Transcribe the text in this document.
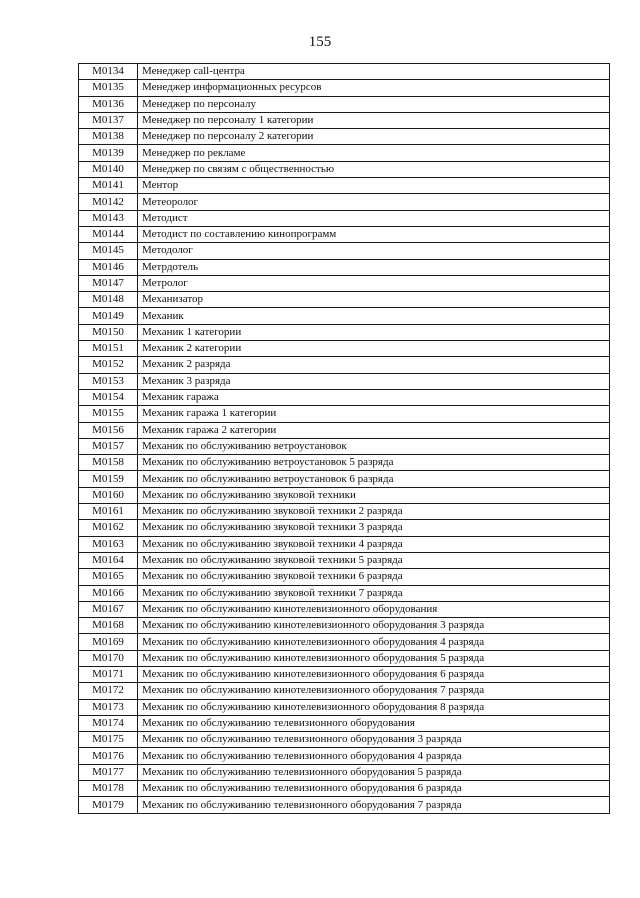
155
M0134	Менеджер call-центра
M0135	Менеджер информационных ресурсов
M0136	Менеджер по персоналу
M0137	Менеджер по персоналу 1 категории
M0138	Менеджер по персоналу 2 категории
M0139	Менеджер по рекламе
M0140	Менеджер по связям с общественностью
M0141	Ментор
M0142	Метеоролог
M0143	Методист
M0144	Методист по составлению кинопрограмм
M0145	Методолог
M0146	Метрдотель
M0147	Метролог
M0148	Механизатор
M0149	Механик
M0150	Механик 1 категории
M0151	Механик 2 категории
M0152	Механик 2 разряда
M0153	Механик 3 разряда
M0154	Механик гаража
M0155	Механик гаража 1 категории
M0156	Механик гаража 2 категории
M0157	Механик по обслуживанию ветроустановок
M0158	Механик по обслуживанию ветроустановок 5 разряда
M0159	Механик по обслуживанию ветроустановок 6 разряда
M0160	Механик по обслуживанию звуковой техники
M0161	Механик по обслуживанию звуковой техники 2 разряда
M0162	Механик по обслуживанию звуковой техники 3 разряда
M0163	Механик по обслуживанию звуковой техники 4 разряда
M0164	Механик по обслуживанию звуковой техники 5 разряда
M0165	Механик по обслуживанию звуковой техники 6 разряда
M0166	Механик по обслуживанию звуковой техники 7 разряда
M0167	Механик по обслуживанию кинотелевизионного оборудования
M0168	Механик по обслуживанию кинотелевизионного оборудования 3 разряда
M0169	Механик по обслуживанию кинотелевизионного оборудования 4 разряда
M0170	Механик по обслуживанию кинотелевизионного оборудования 5 разряда
M0171	Механик по обслуживанию кинотелевизионного оборудования 6 разряда
M0172	Механик по обслуживанию кинотелевизионного оборудования 7 разряда
M0173	Механик по обслуживанию кинотелевизионного оборудования 8 разряда
M0174	Механик по обслуживанию телевизионного оборудования
M0175	Механик по обслуживанию телевизионного оборудования 3 разряда
M0176	Механик по обслуживанию телевизионного оборудования 4 разряда
M0177	Механик по обслуживанию телевизионного оборудования 5 разряда
M0178	Механик по обслуживанию телевизионного оборудования 6 разряда
M0179	Механик по обслуживанию телевизионного оборудования 7 разряда
